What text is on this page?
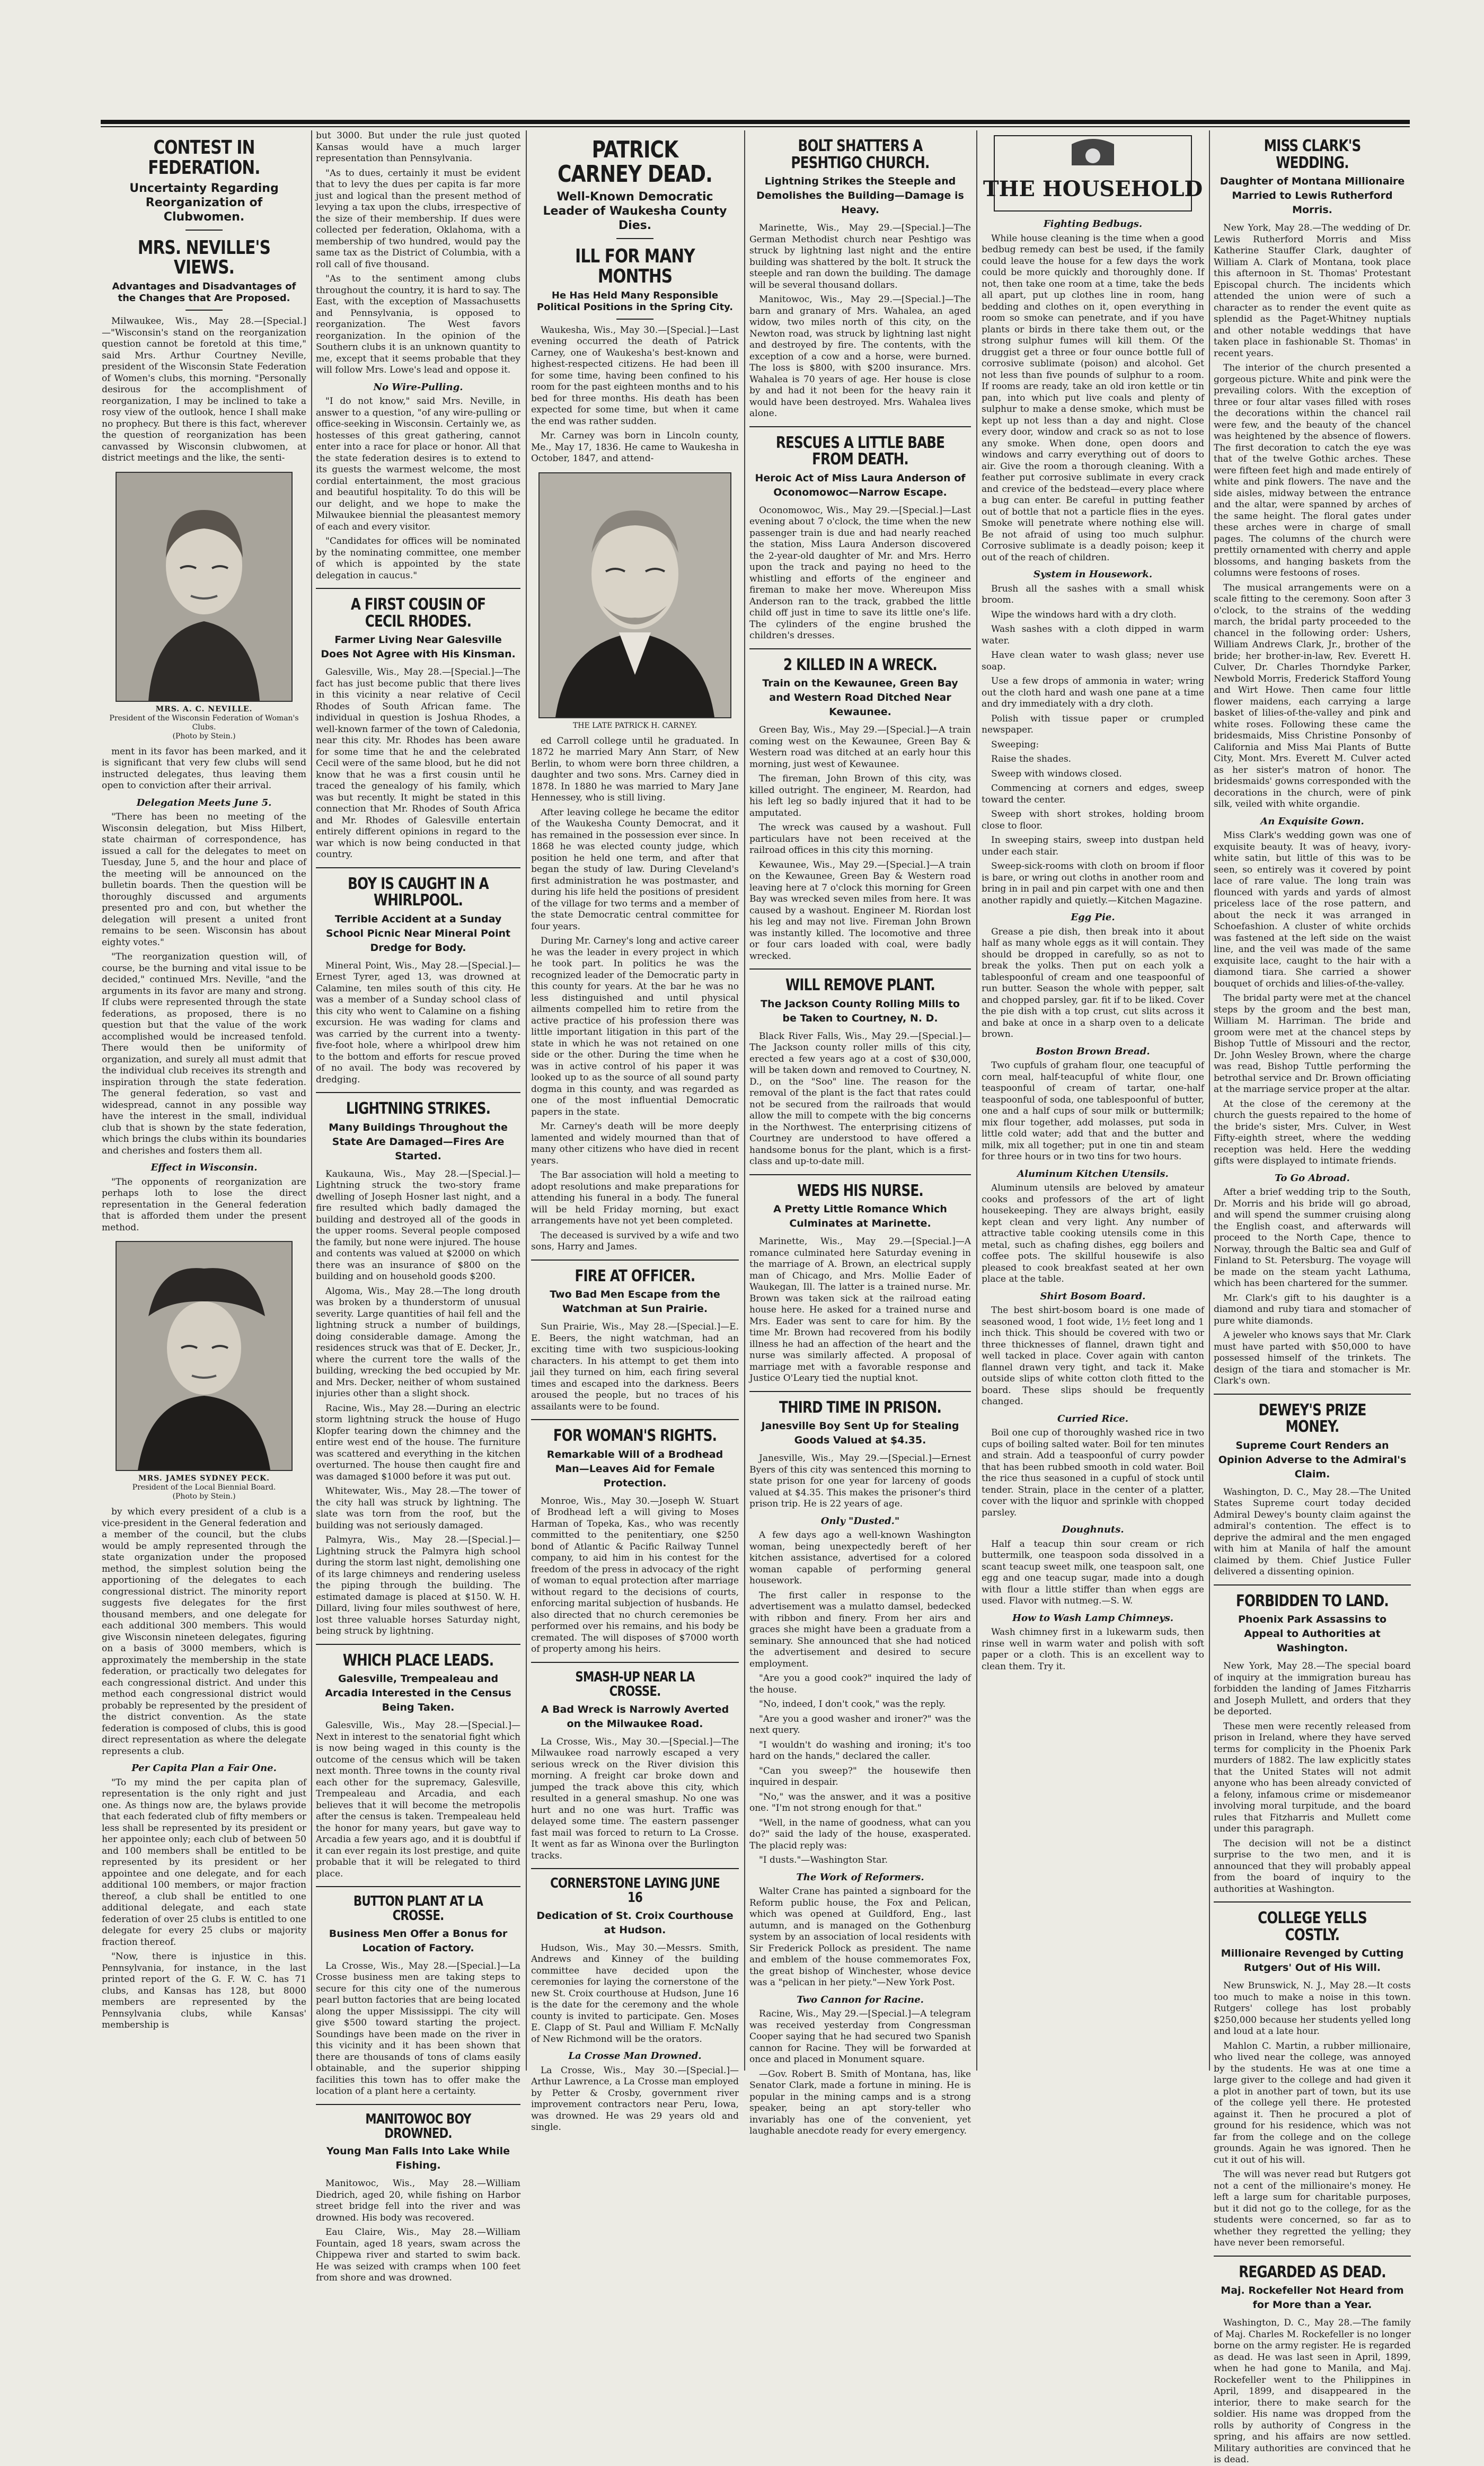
CONTEST IN FEDERATION.
Uncertainty Regarding Reorganization of Clubwomen.
MRS. NEVILLE'S VIEWS.
Advantages and Disadvantages of the Changes that Are Proposed.

Milwaukee, Wis., May 28.—[Special.]—"Wisconsin's stand on the reorganization question cannot be foretold at this time," said Mrs. Arthur Courtney Neville, president of the Wisconsin State Federation of Women's clubs, this morning. "Personally desirous for the accomplishment of reorganization, I may be inclined to take a rosy view of the outlook, hence I shall make no prophecy. But there is this fact, wherever the question of reorganization has been canvassed by Wisconsin clubwomen, at district meetings and the like, the senti-

MRS. A. C. NEVILLE.
President of the Wisconsin Federation of Woman's Clubs.
(Photo by Stein.)

ment in its favor has been marked, and it is significant that very few clubs will send instructed delegates, thus leaving them open to conviction after their arrival.

Delegation Meets June 5.

"There has been no meeting of the Wisconsin delegation, but Miss Hilbert, state chairman of correspondence, has issued a call for the delegates to meet on Tuesday, June 5, and the hour and place of the meeting will be announced on the bulletin boards. Then the question will be thoroughly discussed and arguments presented pro and con, but whether the delegation will present a united front remains to be seen. Wisconsin has about eighty votes."

"The reorganization question will, of course, be the burning and vital issue to be decided," continued Mrs. Neville, "and the arguments in its favor are many and strong. If clubs were represented through the state federations, as proposed, there is no question but that the value of the work accomplished would be increased tenfold. There would then be uniformity of organization, and surely all must admit that the individual club receives its strength and inspiration through the state federation. The general federation, so vast and widespread, cannot in any possible way have the interest in the small, individual club that is shown by the state federation, which brings the clubs within its boundaries and cherishes and fosters them all.

Effect in Wisconsin.

"The opponents of reorganization are perhaps loth to lose the direct representation in the General federation that is afforded them under the present method.

MRS. JAMES SYDNEY PECK.
President of the Local Biennial Board.
(Photo by Stein.)

by which every president of a club is a vice-president in the General federation and a member of the council, but the clubs would be amply represented through the state organization under the proposed method, the simplest solution being the apportioning of the delegates to each congressional district. The minority report suggests five delegates for the first thousand members, and one delegate for each additional 300 members. This would give Wisconsin nineteen delegates, figuring on a basis of 3000 members, which is approximately the membership in the state federation, or practically two delegates for each congressional district. And under this method each congressional district would probably be represented by the president of the district convention. As the state federation is composed of clubs, this is good direct representation as where the delegate represents a club.

Per Capita Plan a Fair One.

"To my mind the per capita plan of representation is the only right and just one. As things now are, the bylaws provide that each federated club of fifty members or less shall be represented by its president or her appointee only; each club of between 50 and 100 members shall be entitled to be represented by its president or her appointee and one delegate, and for each additional 100 members, or major fraction thereof, a club shall be entitled to one additional delegate, and each state federation of over 25 clubs is entitled to one delegate for every 25 clubs or majority fraction thereof.

"Now, there is injustice in this. Pennsylvania, for instance, in the last printed report of the G. F. W. C. has 71 clubs, and Kansas has 128, but 8000 members are represented by the Pennsylvania clubs, while Kansas' membership is

but 3000. But under the rule just quoted Kansas would have a much larger representation than Pennsylvania.

"As to dues, certainly it must be evident that to levy the dues per capita is far more just and logical than the present method of levying a tax upon the clubs, irrespective of the size of their membership. If dues were collected per federation, Oklahoma, with a membership of two hundred, would pay the same tax as the District of Columbia, with a roll call of five thousand.

"As to the sentiment among clubs throughout the country, it is hard to say. The East, with the exception of Massachusetts and Pennsylvania, is opposed to reorganization. The West favors reorganization. In the opinion of the Southern clubs it is an unknown quantity to me, except that it seems probable that they will follow Mrs. Lowe's lead and oppose it.

No Wire-Pulling.

"I do not know," said Mrs. Neville, in answer to a question, "of any wire-pulling or office-seeking in Wisconsin. Certainly we, as hostesses of this great gathering, cannot enter into a race for place or honor. All that the state federation desires is to extend to its guests the warmest welcome, the most cordial entertainment, the most gracious and beautiful hospitality. To do this will be our delight, and we hope to make the Milwaukee biennial the pleasantest memory of each and every visitor.

"Candidates for offices will be nominated by the nominating committee, one member of which is appointed by the state delegation in caucus."

A FIRST COUSIN OF CECIL RHODES.
Farmer Living Near Galesville Does Not Agree with His Kinsman.

Galesville, Wis., May 28.—[Special.]—The fact has just become public that there lives in this vicinity a near relative of Cecil Rhodes of South African fame. The individual in question is Joshua Rhodes, a well-known farmer of the town of Caledonia, near this city. Mr. Rhodes has been aware for some time that he and the celebrated Cecil were of the same blood, but he did not know that he was a first cousin until he traced the genealogy of his family, which was but recently. It might be stated in this connection that Mr. Rhodes of South Africa and Mr. Rhodes of Galesville entertain entirely different opinions in regard to the war which is now being conducted in that country.

BOY IS CAUGHT IN A WHIRLPOOL.
Terrible Accident at a Sunday School Picnic Near Mineral Point Dredge for Body.

Mineral Point, Wis., May 28.—[Special.]—Ernest Tyrer, aged 13, was drowned at Calamine, ten miles south of this city. He was a member of a Sunday school class of this city who went to Calamine on a fishing excursion. He was wading for clams and was carried by the current into a twenty-five-foot hole, where a whirlpool drew him to the bottom and efforts for rescue proved of no avail. The body was recovered by dredging.

LIGHTNING STRIKES.
Many Buildings Throughout the State Are Damaged—Fires Are Started.

Kaukauna, Wis., May 28.—[Special.]—Lightning struck the two-story frame dwelling of Joseph Hosner last night, and a fire resulted which badly damaged the building and destroyed all of the goods in the upper rooms. Several people composed the family, but none were injured. The house and contents was valued at $2000 on which there was an insurance of $800 on the building and on household goods $200.

Algoma, Wis., May 28.—The long drouth was broken by a thunderstorm of unusual severity. Large quantities of hail fell and the lightning struck a number of buildings, doing considerable damage. Among the residences struck was that of E. Decker, Jr., where the current tore the walls of the building, wrecking the bed occupied by Mr. and Mrs. Decker, neither of whom sustained injuries other than a slight shock.

Racine, Wis., May 28.—During an electric storm lightning struck the house of Hugo Klopfer tearing down the chimney and the entire west end of the house. The furniture was scattered and everything in the kitchen overturned. The house then caught fire and was damaged $1000 before it was put out.

Whitewater, Wis., May 28.—The tower of the city hall was struck by lightning. The slate was torn from the roof, but the building was not seriously damaged.

Palmyra, Wis., May 28.—[Special.]—Lightning struck the Palmyra high school during the storm last night, demolishing one of its large chimneys and rendering useless the piping through the building. The estimated damage is placed at $150. W. H. Dillard, living four miles southwest of here, lost three valuable horses Saturday night, being struck by lightning.

WHICH PLACE LEADS.
Galesville, Trempealeau and Arcadia Interested in the Census Being Taken.

Galesville, Wis., May 28.—[Special.]—Next in interest to the senatorial fight which is now being waged in this county is the outcome of the census which will be taken next month. Three towns in the county rival each other for the supremacy, Galesville, Trempealeau and Arcadia, and each believes that it will become the metropolis after the census is taken. Trempealeau held the honor for many years, but gave way to Arcadia a few years ago, and it is doubtful if it can ever regain its lost prestige, and quite probable that it will be relegated to third place.

BUTTON PLANT AT LA CROSSE.
Business Men Offer a Bonus for Location of Factory.

La Crosse, Wis., May 28.—[Special.]—La Crosse business men are taking steps to secure for this city one of the numerous pearl button factories that are being located along the upper Mississippi. The city will give $500 toward starting the project. Soundings have been made on the river in this vicinity and it has been shown that there are thousands of tons of clams easily obtainable, and the superior shipping facilities this town has to offer make the location of a plant here a certainty.

MANITOWOC BOY DROWNED.
Young Man Falls Into Lake While Fishing.

Manitowoc, Wis., May 28.—William Diedrich, aged 20, while fishing on Harbor street bridge fell into the river and was drowned. His body was recovered.

Eau Claire, Wis., May 28.—William Fountain, aged 18 years, swam across the Chippewa river and started to swim back. He was seized with cramps when 100 feet from shore and was drowned.

PATRICK CARNEY DEAD.
Well-Known Democratic Leader of Waukesha County Dies.
ILL FOR MANY MONTHS
He Has Held Many Responsible Political Positions in the Spring City.

Waukesha, Wis., May 30.—[Special.]—Last evening occurred the death of Patrick Carney, one of Waukesha's best-known and highest-respected citizens. He had been ill for some time, having been confined to his room for the past eighteen months and to his bed for three months. His death has been expected for some time, but when it came the end was rather sudden.

Mr. Carney was born in Lincoln county, Me., May 17, 1836. He came to Waukesha in October, 1847, and attend-

THE LATE PATRICK H. CARNEY.

ed Carroll college until he graduated. In 1872 he married Mary Ann Starr, of New Berlin, to whom were born three children, a daughter and two sons. Mrs. Carney died in 1878. In 1880 he was married to Mary Jane Hennessey, who is still living.

After leaving college he became the editor of the Waukesha County Democrat, and it has remained in the possession ever since. In 1868 he was elected county judge, which position he held one term, and after that began the study of law. During Cleveland's first administration he was postmaster, and during his life held the positions of president of the village for two terms and a member of the state Democratic central committee for four years.

During Mr. Carney's long and active career he was the leader in every project in which he took part. In politics he was the recognized leader of the Democratic party in this county for years. At the bar he was no less distinguished and until physical ailments compelled him to retire from the active practice of his profession there was little important litigation in this part of the state in which he was not retained on one side or the other. During the time when he was in active control of his paper it was looked up to as the source of all sound party dogma in this county, and was regarded as one of the most influential Democratic papers in the state.

Mr. Carney's death will be more deeply lamented and widely mourned than that of many other citizens who have died in recent years.

The Bar association will hold a meeting to adopt resolutions and make preparations for attending his funeral in a body. The funeral will be held Friday morning, but exact arrangements have not yet been completed.

The deceased is survived by a wife and two sons, Harry and James.

FIRE AT OFFICER.
Two Bad Men Escape from the Watchman at Sun Prairie.

Sun Prairie, Wis., May 28.—[Special.]—E. E. Beers, the night watchman, had an exciting time with two suspicious-looking characters. In his attempt to get them into jail they turned on him, each firing several times and escaped into the darkness. Beers aroused the people, but no traces of his assailants were to be found.

FOR WOMAN'S RIGHTS.
Remarkable Will of a Brodhead Man—Leaves Aid for Female Protection.

Monroe, Wis., May 30.—Joseph W. Stuart of Brodhead left a will giving to Moses Harman of Topeka, Kas., who was recently committed to the penitentiary, one $250 bond of Atlantic & Pacific Railway Tunnel company, to aid him in his contest for the freedom of the press in advocacy of the right of woman to equal protection after marriage without regard to the decisions of courts, enforcing marital subjection of husbands. He also directed that no church ceremonies be performed over his remains, and his body be cremated. The will disposes of $7000 worth of property among his heirs.

SMASH-UP NEAR LA CROSSE.
A Bad Wreck is Narrowly Averted on the Milwaukee Road.

La Crosse, Wis., May 30.—[Special.]—The Milwaukee road narrowly escaped a very serious wreck on the River division this morning. A freight car broke down and jumped the track above this city, which resulted in a general smashup. No one was hurt and no one was hurt. Traffic was delayed some time. The eastern passenger fast mail was forced to return to La Crosse. It went as far as Winona over the Burlington tracks.

CORNERSTONE LAYING JUNE 16
Dedication of St. Croix Courthouse at Hudson.

Hudson, Wis., May 30.—Messrs. Smith, Andrews and Kinney of the building committee have decided upon the ceremonies for laying the cornerstone of the new St. Croix courthouse at Hudson, June 16 is the date for the ceremony and the whole county is invited to participate. Gen. Moses E. Clapp of St. Paul and William F. McNally of New Richmond will be the orators.

La Crosse Man Drowned.

La Crosse, Wis., May 30.—[Special.]—Arthur Lawrence, a La Crosse man employed by Petter & Crosby, government river improvement contractors near Peru, Iowa, was drowned. He was 29 years old and single.

BOLT SHATTERS A PESHTIGO CHURCH.
Lightning Strikes the Steeple and Demolishes the Building—Damage is Heavy.

Marinette, Wis., May 29.—[Special.]—The German Methodist church near Peshtigo was struck by lightning last night and the entire building was shattered by the bolt. It struck the steeple and ran down the building. The damage will be several thousand dollars.

Manitowoc, Wis., May 29.—[Special.]—The barn and granary of Mrs. Wahalea, an aged widow, two miles north of this city, on the Newton road, was struck by lightning last night and destroyed by fire. The contents, with the exception of a cow and a horse, were burned. The loss is $800, with $200 insurance. Mrs. Wahalea is 70 years of age. Her house is close by and had it not been for the heavy rain it would have been destroyed. Mrs. Wahalea lives alone.

RESCUES A LITTLE BABE FROM DEATH.
Heroic Act of Miss Laura Anderson of Oconomowoc—Narrow Escape.

Oconomowoc, Wis., May 29.—[Special.]—Last evening about 7 o'clock, the time when the new passenger train is due and had nearly reached the station, Miss Laura Anderson discovered the 2-year-old daughter of Mr. and Mrs. Herro upon the track and paying no heed to the whistling and efforts of the engineer and fireman to make her move. Whereupon Miss Anderson ran to the track, grabbed the little child off just in time to save its little one's life. The cylinders of the engine brushed the children's dresses.

2 KILLED IN A WRECK.
Train on the Kewaunee, Green Bay and Western Road Ditched Near Kewaunee.

Green Bay, Wis., May 29.—[Special.]—A train coming west on the Kewaunee, Green Bay & Western road was ditched at an early hour this morning, just west of Kewaunee.

The fireman, John Brown of this city, was killed outright. The engineer, M. Reardon, had his left leg so badly injured that it had to be amputated.

The wreck was caused by a washout. Full particulars have not been received at the railroad offices in this city this morning.

Kewaunee, Wis., May 29.—[Special.]—A train on the Kewaunee, Green Bay & Western road leaving here at 7 o'clock this morning for Green Bay was wrecked seven miles from here. It was caused by a washout. Engineer M. Riordan lost his leg and may not live. Fireman John Brown was instantly killed. The locomotive and three or four cars loaded with coal, were badly wrecked.

WILL REMOVE PLANT.
The Jackson County Rolling Mills to be Taken to Courtney, N. D.

Black River Falls, Wis., May 29.—[Special.]—The Jackson county roller mills of this city, erected a few years ago at a cost of $30,000, will be taken down and removed to Courtney, N. D., on the "Soo" line. The reason for the removal of the plant is the fact that rates could not be secured from the railroads that would allow the mill to compete with the big concerns in the Northwest. The enterprising citizens of Courtney are understood to have offered a handsome bonus for the plant, which is a first-class and up-to-date mill.

WEDS HIS NURSE.
A Pretty Little Romance Which Culminates at Marinette.

Marinette, Wis., May 29.—[Special.]—A romance culminated here Saturday evening in the marriage of A. Brown, an electrical supply man of Chicago, and Mrs. Mollie Eader of Waukegan, Ill. The latter is a trained nurse. Mr. Brown was taken sick at the railroad eating house here. He asked for a trained nurse and Mrs. Eader was sent to care for him. By the time Mr. Brown had recovered from his bodily illness he had an affection of the heart and the nurse was similarly affected. A proposal of marriage met with a favorable response and Justice O'Leary tied the nuptial knot.

THIRD TIME IN PRISON.
Janesville Boy Sent Up for Stealing Goods Valued at $4.35.

Janesville, Wis., May 29.—[Special.]—Ernest Byers of this city was sentenced this morning to state prison for one year for larceny of goods valued at $4.35. This makes the prisoner's third prison trip. He is 22 years of age.

Only "Dusted."

A few days ago a well-known Washington woman, being unexpectedly bereft of her kitchen assistance, advertised for a colored woman capable of performing general housework.

The first caller in response to the advertisement was a mulatto damsel, bedecked with ribbon and finery. From her airs and graces she might have been a graduate from a seminary. She announced that she had noticed the advertisement and desired to secure employment.

"Are you a good cook?" inquired the lady of the house.

"No, indeed, I don't cook," was the reply.

"Are you a good washer and ironer?" was the next query.

"I wouldn't do washing and ironing; it's too hard on the hands," declared the caller.

"Can you sweep?" the housewife then inquired in despair.

"No," was the answer, and it was a positive one. "I'm not strong enough for that."

"Well, in the name of goodness, what can you do?" said the lady of the house, exasperated. The placid reply was:

"I dusts."—Washington Star.

The Work of Reformers.

Walter Crane has painted a signboard for the Reform public house, the Fox and Pelican, which was opened at Guildford, Eng., last autumn, and is managed on the Gothenburg system by an association of local residents with Sir Frederick Pollock as president. The name and emblem of the house commemorates Fox, the great bishop of Winchester, whose device was a "pelican in her piety."—New York Post.

Two Cannon for Racine.

Racine, Wis., May 29.—[Special.]—A telegram was received yesterday from Congressman Cooper saying that he had secured two Spanish cannon for Racine. They will be forwarded at once and placed in Monument square.

—Gov. Robert B. Smith of Montana, has, like Senator Clark, made a fortune in mining. He is popular in the mining camps and is a strong speaker, being an apt story-teller who invariably has one of the convenient, yet laughable anecdote ready for every emergency.

THE HOUSEHOLD
Fighting Bedbugs.

While house cleaning is the time when a good bedbug remedy can best be used, if the family could leave the house for a few days the work could be more quickly and thoroughly done. If not, then take one room at a time, take the beds all apart, put up clothes line in room, hang bedding and clothes on it, open everything in room so smoke can penetrate, and if you have plants or birds in there take them out, or the strong sulphur fumes will kill them. Of the druggist get a three or four ounce bottle full of corrosive sublimate (poison) and alcohol. Get not less than five pounds of sulphur to a room. If rooms are ready, take an old iron kettle or tin pan, into which put live coals and plenty of sulphur to make a dense smoke, which must be kept up not less than a day and night. Close every door, window and crack so as not to lose any smoke. When done, open doors and windows and carry everything out of doors to air. Give the room a thorough cleaning. With a feather put corrosive sublimate in every crack and crevice of the bedstead—every place where a bug can enter. Be careful in putting feather out of bottle that not a particle flies in the eyes. Smoke will penetrate where nothing else will. Be not afraid of using too much sulphur. Corrosive sublimate is a deadly poison; keep it out of the reach of children.

System in Housework.

Brush all the sashes with a small whisk broom.

Wipe the windows hard with a dry cloth.

Wash sashes with a cloth dipped in warm water.

Have clean water to wash glass; never use soap.

Use a few drops of ammonia in water; wring out the cloth hard and wash one pane at a time and dry immediately with a dry cloth.

Polish with tissue paper or crumpled newspaper.

Sweeping:

Raise the shades.

Sweep with windows closed.

Commencing at corners and edges, sweep toward the center.

Sweep with short strokes, holding broom close to floor.

In sweeping stairs, sweep into dustpan held under each stair.

Sweep-sick-rooms with cloth on broom if floor is bare, or wring out cloths in another room and bring in in pail and pin carpet with one and then another rapidly and quietly.—Kitchen Magazine.

Egg Pie.

Grease a pie dish, then break into it about half as many whole eggs as it will contain. They should be dropped in carefully, so as not to break the yolks. Then put on each yolk a tablespoonful of cream and one teaspoonful of run butter. Season the whole with pepper, salt and chopped parsley, gar. fit if to be liked. Cover the pie dish with a top crust, cut slits across it and bake at once in a sharp oven to a delicate brown.

Boston Brown Bread.

Two cupfuls of graham flour, one teacupful of corn meal, half-teacupful of white flour, one teaspoonful of cream of tartar, one-half teaspoonful of soda, one tablespoonful of butter, one and a half cups of sour milk or buttermilk; mix flour together, add molasses, put soda in little cold water; add that and the butter and milk, mix all together; put in one tin and steam for three hours or in two tins for two hours.

Aluminum Kitchen Utensils.

Aluminum utensils are beloved by amateur cooks and professors of the art of light housekeeping. They are always bright, easily kept clean and very light. Any number of attractive table cooking utensils come in this metal, such as chafing dishes, egg boilers and coffee pots. The skillful housewife is also pleased to cook breakfast seated at her own place at the table.

Shirt Bosom Board.

The best shirt-bosom board is one made of seasoned wood, 1 foot wide, 1½ feet long and 1 inch thick. This should be covered with two or three thicknesses of flannel, drawn tight and well tacked in place. Cover again with canton flannel drawn very tight, and tack it. Make outside slips of white cotton cloth fitted to the board. These slips should be frequently changed.

Curried Rice.

Boil one cup of thoroughly washed rice in two cups of boiling salted water. Boil for ten minutes and strain. Add a teaspoonful of curry powder that has been rubbed smooth in cold water. Boil the rice thus seasoned in a cupful of stock until tender. Strain, place in the center of a platter, cover with the liquor and sprinkle with chopped parsley.

Doughnuts.

Half a teacup thin sour cream or rich buttermilk, one teaspoon soda dissolved in a scant teacup sweet milk, one teaspoon salt, one egg and one teacup sugar, made into a dough with flour a little stiffer than when eggs are used. Flavor with nutmeg.—S. W.

How to Wash Lamp Chimneys.

Wash chimney first in a lukewarm suds, then rinse well in warm water and polish with soft paper or a cloth. This is an excellent way to clean them. Try it.

MISS CLARK'S WEDDING.
Daughter of Montana Millionaire Married to Lewis Rutherford Morris.

New York, May 28.—The wedding of Dr. Lewis Rutherford Morris and Miss Katherine Stauffer Clark, daughter of William A. Clark of Montana, took place this afternoon in St. Thomas' Protestant Episcopal church. The incidents which attended the union were of such a character as to render the event quite as splendid as the Paget-Whitney nuptials and other notable weddings that have taken place in fashionable St. Thomas' in recent years.

The interior of the church presented a gorgeous picture. White and pink were the prevailing colors. With the exception of three or four altar vases filled with roses the decorations within the chancel rail were few, and the beauty of the chancel was heightened by the absence of flowers. The first decoration to catch the eye was that of the twelve Gothic arches. These were fifteen feet high and made entirely of white and pink flowers. The nave and the side aisles, midway between the entrance and the altar, were spanned by arches of the same height. The floral gates under these arches were in charge of small pages. The columns of the church were prettily ornamented with cherry and apple blossoms, and hanging baskets from the columns were festoons of roses.

The musical arrangements were on a scale fitting to the ceremony. Soon after 3 o'clock, to the strains of the wedding march, the bridal party proceeded to the chancel in the following order: Ushers, William Andrews Clark, Jr., brother of the bride; her brother-in-law, Rev. Everett H. Culver, Dr. Charles Thorndyke Parker, Newbold Morris, Frederick Stafford Young and Wirt Howe. Then came four little flower maidens, each carrying a large basket of lilies-of-the-valley and pink and white roses. Following these came the bridesmaids, Miss Christine Ponsonby of California and Miss Mai Plants of Butte City, Mont. Mrs. Everett M. Culver acted as her sister's matron of honor. The bridesmaids' gowns corresponded with the decorations in the church, were of pink silk, veiled with white organdie.

An Exquisite Gown.

Miss Clark's wedding gown was one of exquisite beauty. It was of heavy, ivory-white satin, but little of this was to be seen, so entirely was it covered by point lace of rare value. The long train was flounced with yards and yards of almost priceless lace of the rose pattern, and about the neck it was arranged in Schoefashion. A cluster of white orchids was fastened at the left side on the waist line, and the veil was made of the same exquisite lace, caught to the hair with a diamond tiara. She carried a shower bouquet of orchids and lilies-of-the-valley.

The bridal party were met at the chancel steps by the groom and the best man, William M. Harriman. The bride and groom were met at the chancel steps by Bishop Tuttle of Missouri and the rector, Dr. John Wesley Brown, where the charge was read, Bishop Tuttle performing the betrothal service and Dr. Brown officiating at the marriage service proper at the altar.

At the close of the ceremony at the church the guests repaired to the home of the bride's sister, Mrs. Culver, in West Fifty-eighth street, where the wedding reception was held. Here the wedding gifts were displayed to intimate friends.

To Go Abroad.

After a brief wedding trip to the South, Dr. Morris and his bride will go abroad, and will spend the summer cruising along the English coast, and afterwards will proceed to the North Cape, thence to Norway, through the Baltic sea and Gulf of Finland to St. Petersburg. The voyage will be made on the steam yacht Lathuma, which has been chartered for the summer.

Mr. Clark's gift to his daughter is a diamond and ruby tiara and stomacher of pure white diamonds.

A jeweler who knows says that Mr. Clark must have parted with $50,000 to have possessed himself of the trinkets. The design of the tiara and stomacher is Mr. Clark's own.

DEWEY'S PRIZE MONEY.
Supreme Court Renders an Opinion Adverse to the Admiral's Claim.

Washington, D. C., May 28.—The United States Supreme court today decided Admiral Dewey's bounty claim against the admiral's contention. The effect is to deprive the admiral and the men engaged with him at Manila of half the amount claimed by them. Chief Justice Fuller delivered a dissenting opinion.

FORBIDDEN TO LAND.
Phoenix Park Assassins to Appeal to Authorities at Washington.

New York, May 28.—The special board of inquiry at the immigration bureau has forbidden the landing of James Fitzharris and Joseph Mullett, and orders that they be deported.

These men were recently released from prison in Ireland, where they have served terms for complicity in the Phoenix Park murders of 1882. The law explicitly states that the United States will not admit anyone who has been already convicted of a felony, infamous crime or misdemeanor involving moral turpitude, and the board rules that Fitzharris and Mullett come under this paragraph.

The decision will not be a distinct surprise to the two men, and it is announced that they will probably appeal from the board of inquiry to the authorities at Washington.

COLLEGE YELLS COSTLY.
Millionaire Revenged by Cutting Rutgers' Out of His Will.

New Brunswick, N. J., May 28.—It costs too much to make a noise in this town. Rutgers' college has lost probably $250,000 because her students yelled long and loud at a late hour.

Mahlon C. Martin, a rubber millionaire, who lived near the college, was annoyed by the students. He was at one time a large giver to the college and had given it a plot in another part of town, but its use of the college yell there. He protested against it. Then he procured a plot of ground for his residence, which was not far from the college and on the college grounds. Again he was ignored. Then he cut it out of his will.

The will was never read but Rutgers got not a cent of the millionaire's money. He left a large sum for charitable purposes, but it did not go to the college, for as the students were concerned, so far as to whether they regretted the yelling; they have never been remorseful.

REGARDED AS DEAD.
Maj. Rockefeller Not Heard from for More than a Year.

Washington, D. C., May 28.—The family of Maj. Charles M. Rockefeller is no longer borne on the army register. He is regarded as dead. He was last seen in April, 1899, when he had gone to Manila, and Maj. Rockefeller went to the Philippines in April, 1899, and disappeared in the interior, there to make search for the soldier. His name was dropped from the rolls by authority of Congress in the spring, and his affairs are now settled. Military authorities are convinced that he is dead.
